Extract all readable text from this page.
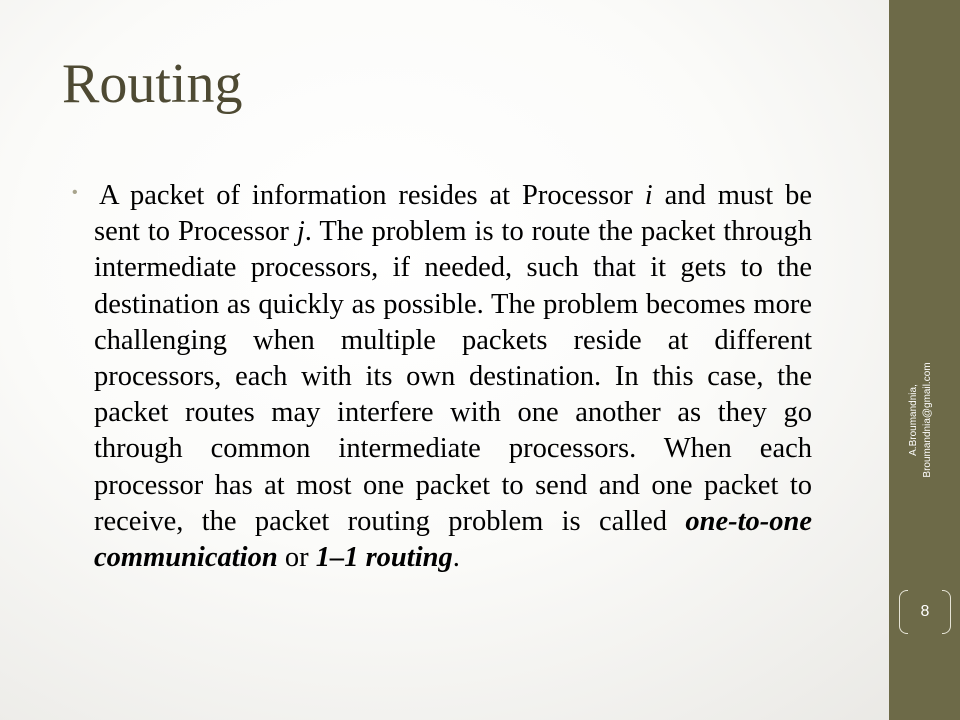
Routing
• A packet of information resides at Processor i and must be sent to Processor j. The problem is to route the packet through intermediate processors, if needed, such that it gets to the destination as quickly as possible. The problem becomes more challenging when multiple packets reside at different processors, each with its own destination. In this case, the packet routes may interfere with one another as they go through common intermediate processors. When each processor has at most one packet to send and one packet to receive, the packet routing problem is called one-to-one communication or 1–1 routing.

A.Broumandnia, Broumandnia@gmail.com
8
